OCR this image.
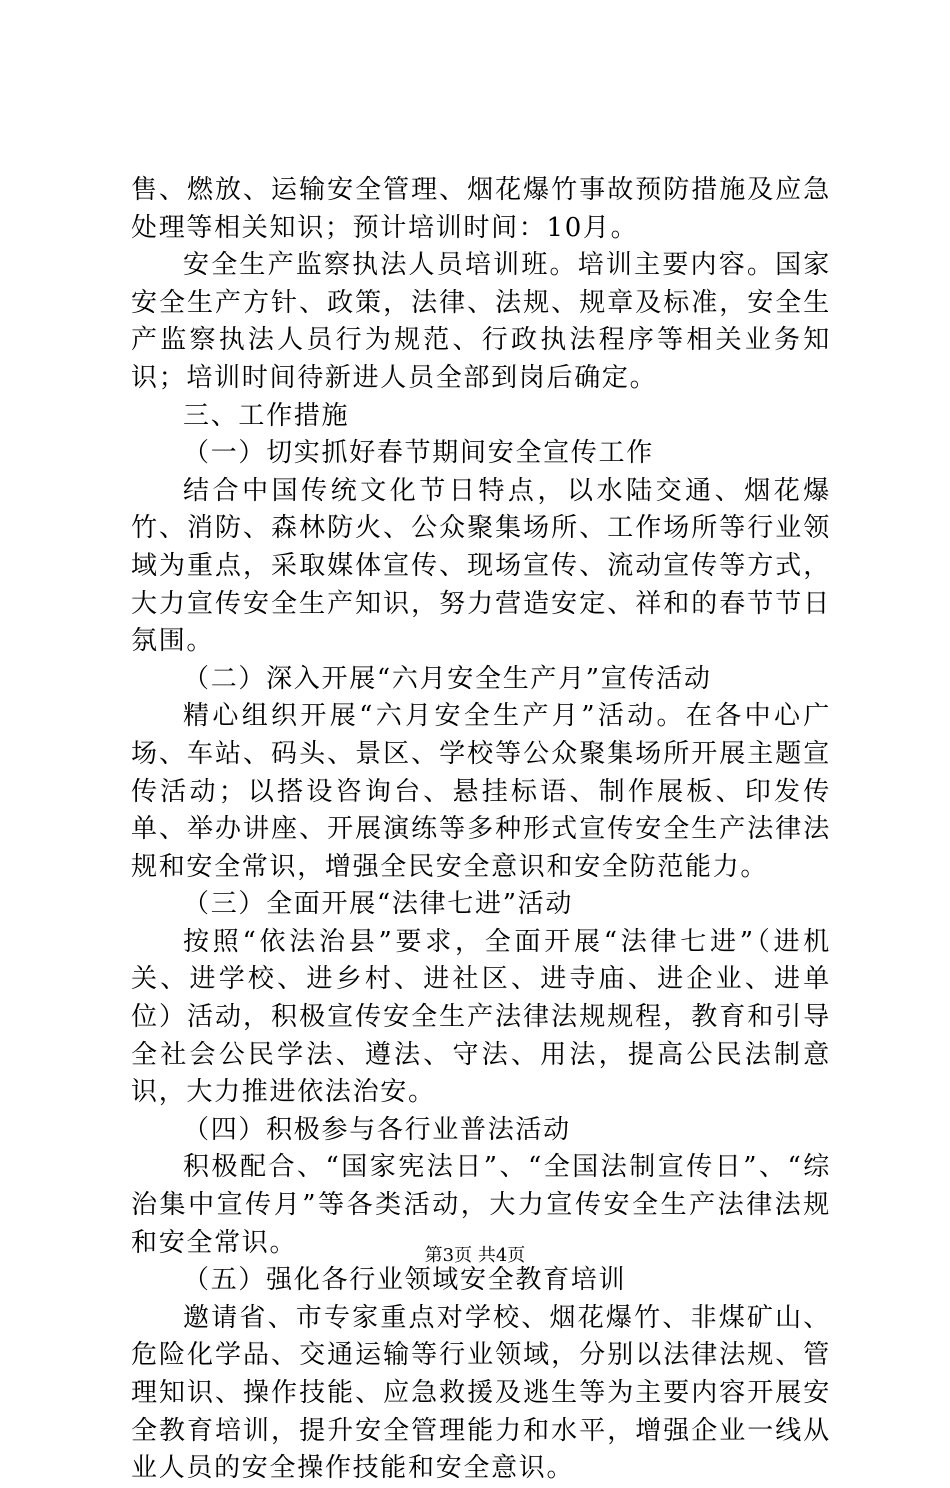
售、燃放、运输安全管理、烟花爆竹事故预防措施及应急处理等相关知识；预计培训时间：10月。

安全生产监察执法人员培训班。培训主要内容。国家安全生产方针、政策，法律、法规、规章及标准，安全生产监察执法人员行为规范、行政执法程序等相关业务知识；培训时间待新进人员全部到岗后确定。

三、工作措施

（一）切实抓好春节期间安全宣传工作

结合中国传统文化节日特点，以水陆交通、烟花爆竹、消防、森林防火、公众聚集场所、工作场所等行业领域为重点，采取媒体宣传、现场宣传、流动宣传等方式，大力宣传安全生产知识，努力营造安定、祥和的春节节日氛围。

（二）深入开展“六月安全生产月”宣传活动

精心组织开展“六月安全生产月”活动。在各中心广场、车站、码头、景区、学校等公众聚集场所开展主题宣传活动；以搭设咨询台、悬挂标语、制作展板、印发传单、举办讲座、开展演练等多种形式宣传安全生产法律法规和安全常识，增强全民安全意识和安全防范能力。

（三）全面开展“法律七进”活动

按照“依法治县”要求，全面开展“法律七进”（进机关、进学校、进乡村、进社区、进寺庙、进企业、进单位）活动，积极宣传安全生产法律法规规程，教育和引导全社会公民学法、遵法、守法、用法，提高公民法制意识，大力推进依法治安。

（四）积极参与各行业普法活动

积极配合、“国家宪法日”、“全国法制宣传日”、“综治集中宣传月”等各类活动，大力宣传安全生产法律法规和安全常识。

（五）强化各行业领域安全教育培训

邀请省、市专家重点对学校、烟花爆竹、非煤矿山、危险化学品、交通运输等行业领域，分别以法律法规、管理知识、操作技能、应急救援及逃生等为主要内容开展安全教育培训，提升安全管理能力和水平，增强企业一线从业人员的安全操作技能和安全意识。

第3页 共4页
